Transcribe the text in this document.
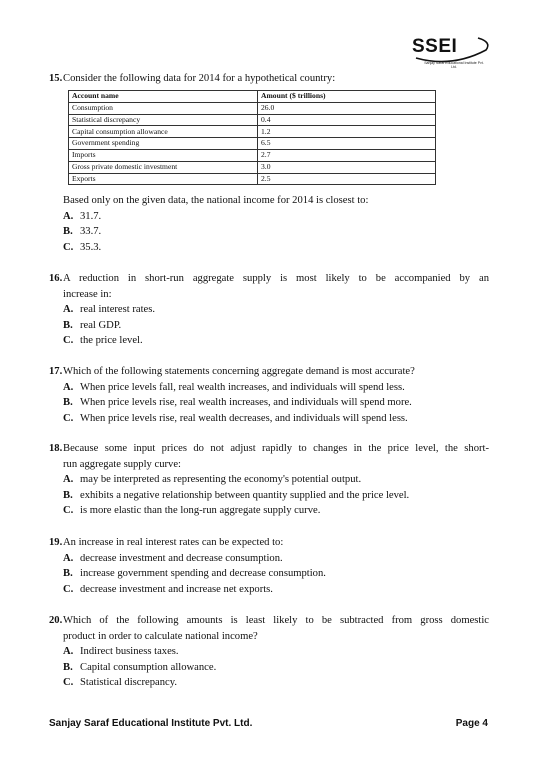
SSEI
Sanjay Saraf Educational Institute Pvt. Ltd.
15. Consider the following data for 2014 for a hypothetical country:
Account name	Amount ($ trillions)
Consumption	26.0
Statistical discrepancy	0.4
Capital consumption allowance	1.2
Government spending	6.5
Imports	2.7
Gross private domestic investment	3.0
Exports	2.5
Based only on the given data, the national income for 2014 is closest to:
A. 31.7.
B. 33.7.
C. 35.3.
16. A reduction in short-run aggregate supply is most likely to be accompanied by an
increase in:
A. real interest rates.
B. real GDP.
C. the price level.
17. Which of the following statements concerning aggregate demand is most accurate?
A. When price levels fall, real wealth increases, and individuals will spend less.
B. When price levels rise, real wealth increases, and individuals will spend more.
C. When price levels rise, real wealth decreases, and individuals will spend less.
18. Because some input prices do not adjust rapidly to changes in the price level, the short-
run aggregate supply curve:
A. may be interpreted as representing the economy's potential output.
B. exhibits a negative relationship between quantity supplied and the price level.
C. is more elastic than the long-run aggregate supply curve.
19. An increase in real interest rates can be expected to:
A. decrease investment and decrease consumption.
B. increase government spending and decrease consumption.
C. decrease investment and increase net exports.
20. Which of the following amounts is least likely to be subtracted from gross domestic
product in order to calculate national income?
A. Indirect business taxes.
B. Capital consumption allowance.
C. Statistical discrepancy.
Sanjay Saraf Educational Institute Pvt. Ltd.	Page 4
